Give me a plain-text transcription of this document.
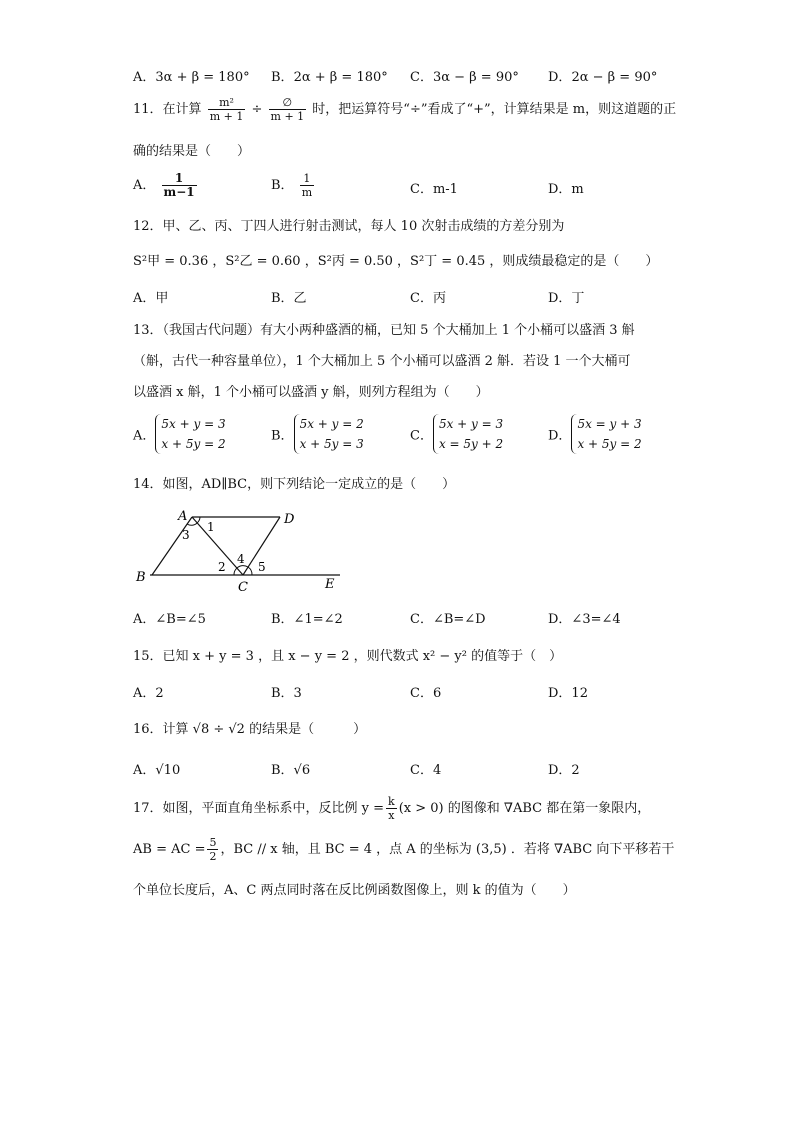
A．3α + β = 180° B．2α + β = 180° C．3α − β = 90° D．2α − β = 90°
11．在计算 $\frac{\text{m²}}{m + 1} \div \frac{\emptyset}{m + 1}$ 时，把运算符号“÷”看成了“+”，计算结果是 m，则这道题的正
确的结果是（　　）
A． $\frac{1}{m-1}$	B． $\frac{1}{m}$	C．m-1	D．m
12．甲、乙、丙、丁四人进行射击测试，每人 10 次射击成绩的方差分别为
S²甲 = 0.36 ，S²乙 = 0.60 ，S²丙 = 0.50 ，S²丁 = 0.45 ，则成绩最稳定的是（　　）
A．甲	B．乙	C．丙	D．丁
13．（我国古代问题）有大小两种盛酒的桶，已知 5 个大桶加上 1 个小桶可以盛酒 3 斛
（斛，古代一种容量单位），1 个大桶加上 5 个小桶可以盛酒 2 斛．若设 1 一个大桶可
以盛酒 x 斛，1 个小桶可以盛酒 y 斛，则列方程组为（　　）
A．5x + y = 3
x + 5y = 2
B．5x + y = 2
x + 5y = 3
C．5x + y = 3
x = 5y + 2
D．5x = y + 3
x + 5y = 2
14．如图，AD∥BC，则下列结论一定成立的是（　　）
A	D
B
C	E
1
3
2
4
5
A．∠B=∠5	B．∠1=∠2	C．∠B=∠D	D．∠3=∠4
15．已知 x + y = 3 ，且 x − y = 2 ，则代数式 x² − y² 的值等于（　）
A．2	B．3	C．6	D．12
16．计算 √8 ÷ √2 的结果是（　　　）
A．√10	B．√6	C．4	D．2
17．如图，平面直角坐标系中，反比例 $y = \frac{k}{x} (x > 0)$ 的图像和 ∇ABC 都在第一象限内，
AB = AC = $\frac{5}{2}$ ，BC // x 轴，且 BC = 4 ，点 A 的坐标为 (3,5) ．若将 ∇ABC 向下平移若干
个单位长度后，A、C 两点同时落在反比例函数图像上，则 k 的值为（　　）
